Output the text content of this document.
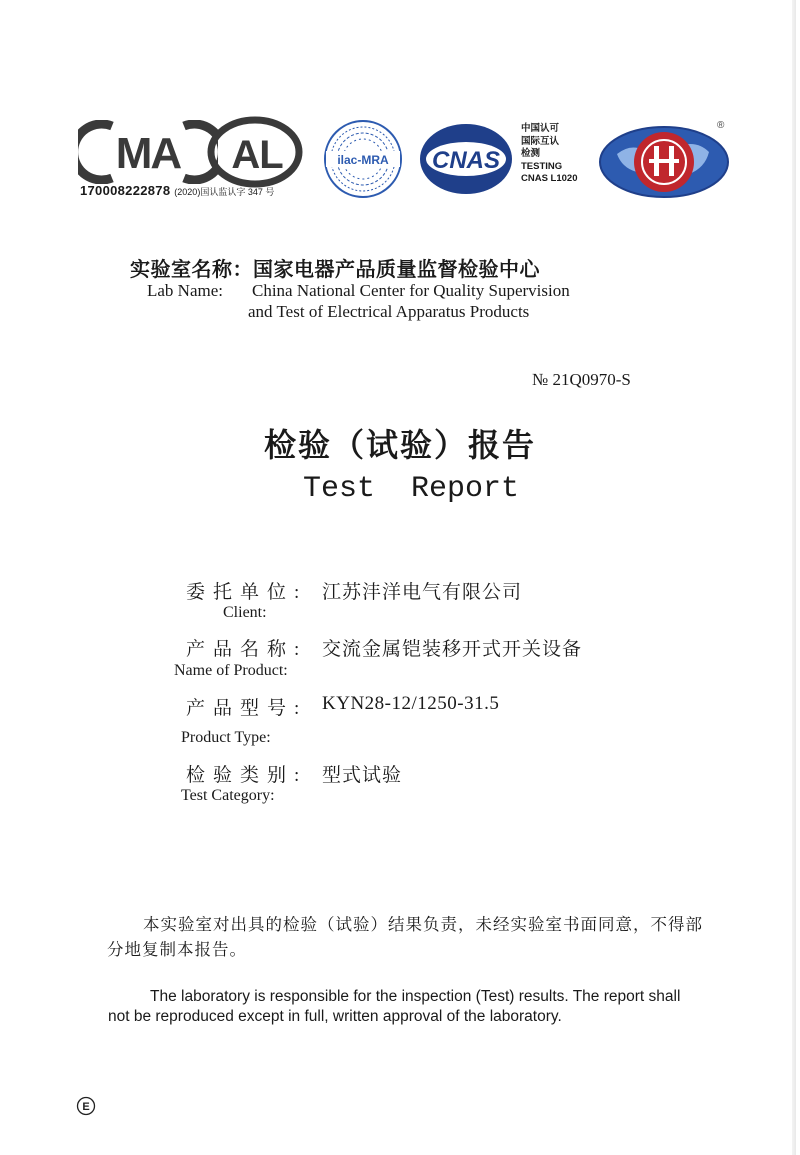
MA AL
170008222878 (2020)国认监认字 347 号
ilac-MRA CNAS
中国认可
国际互认
检测
TESTING
CNAS L1020
®
实验室名称：国家电器产品质量监督检验中心
Lab Name: China National Center for Quality Supervision
and Test of Electrical Apparatus Products
№ 21Q0970-S
检验（试验）报告
Test  Report
委托单位: 江苏沣洋电气有限公司
Client:
产品名称: 交流金属铠装移开式开关设备
Name of Product:
产品型号: KYN28-12/1250-31.5
Product Type:
检验类别: 型式试验
Test Category:
本实验室对出具的检验（试验）结果负责，未经实验室书面同意，不得部分地复制本报告。
The laboratory is responsible for the inspection (Test) results. The report shall
not be reproduced except in full, written approval of the laboratory.
E
